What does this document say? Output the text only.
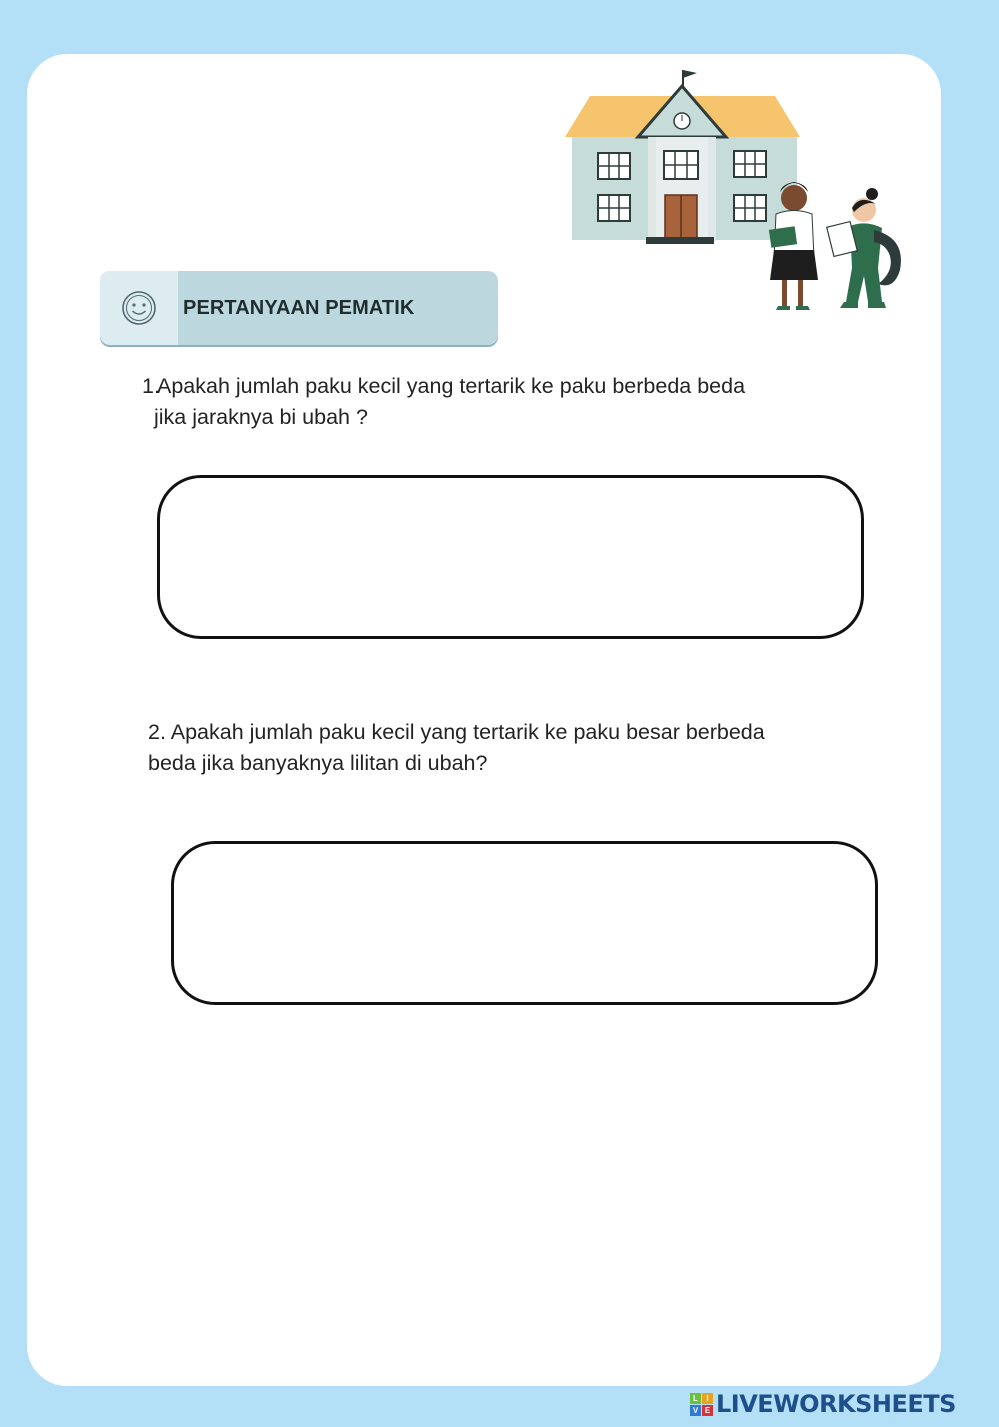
PERTANYAAN PEMATIK
1.Apakah jumlah paku kecil yang tertarik ke paku berbeda beda
jika jaraknya bi ubah ?
2. Apakah jumlah paku kecil yang tertarik ke paku besar berbeda
beda jika banyaknya lilitan di ubah?
L	I
V E LIVEWORKSHEETS
